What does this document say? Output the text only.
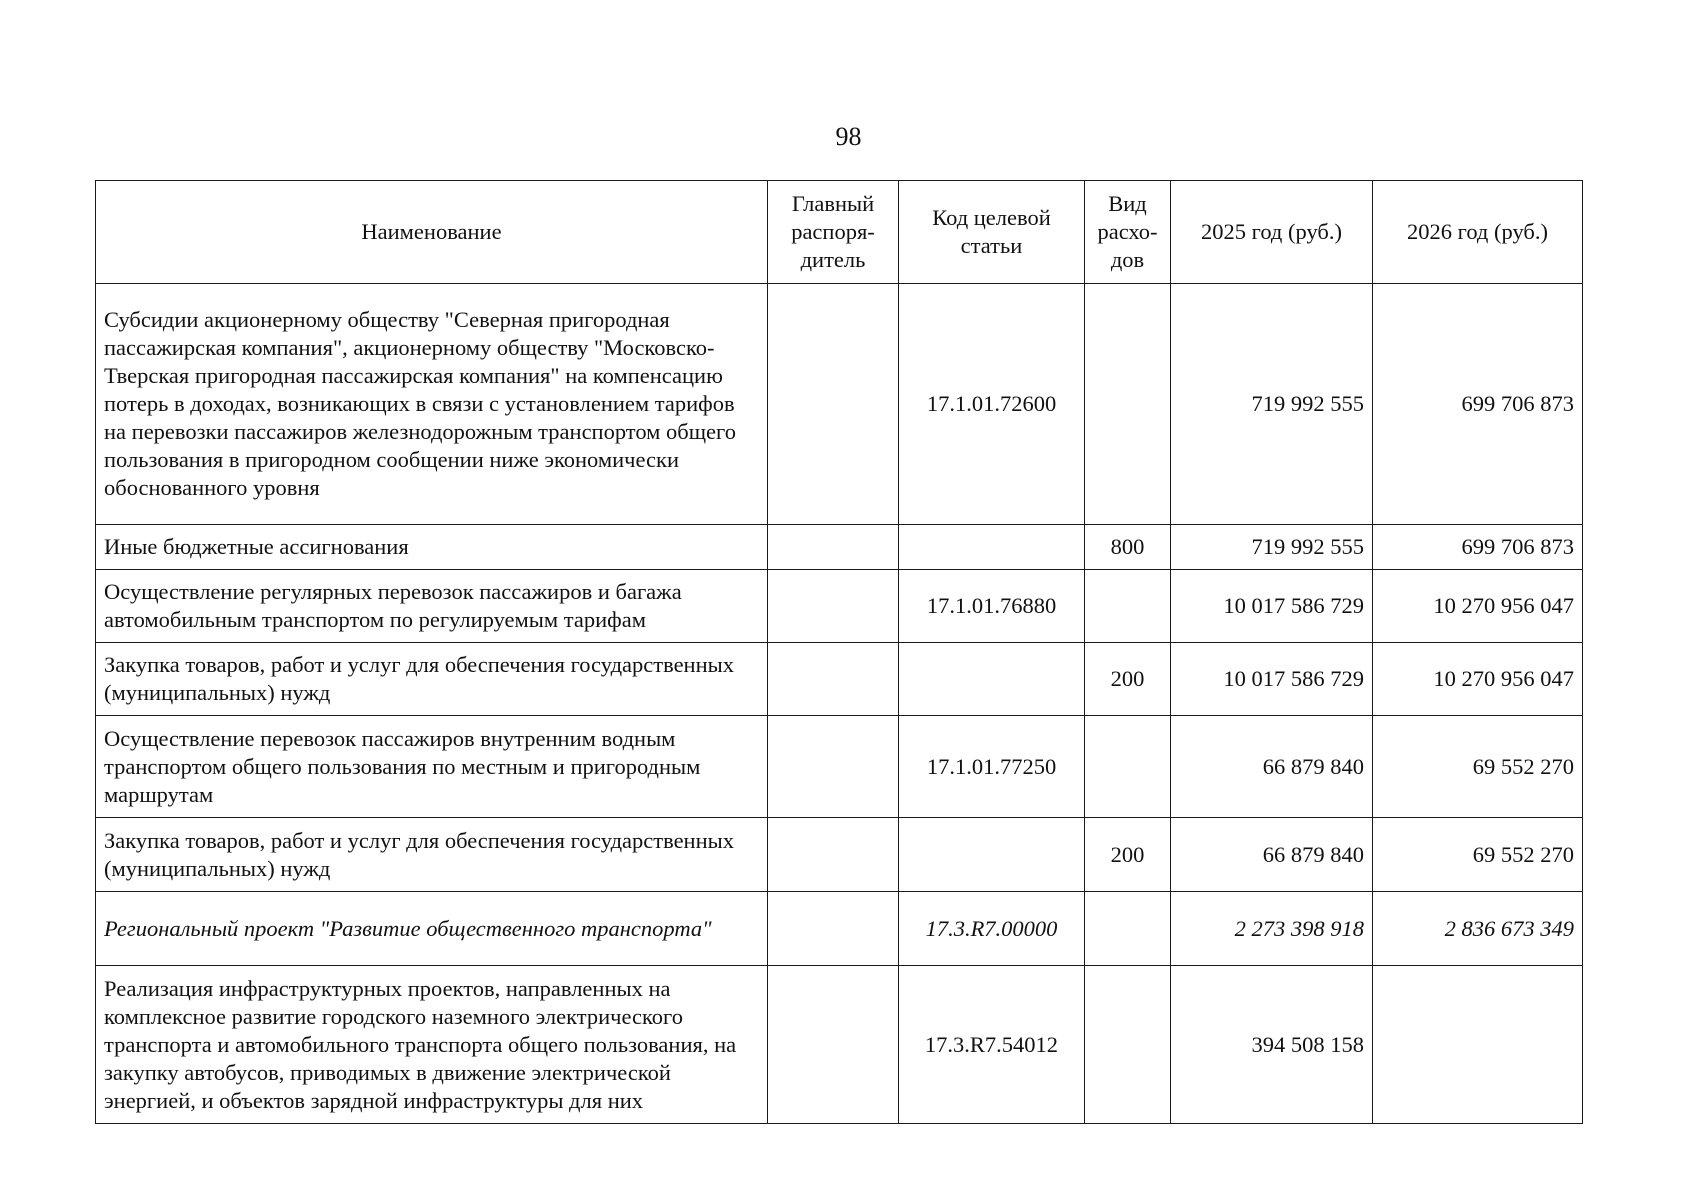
98
Наименование	Главный распоря-дитель	Код целевой статьи	Вид расхо-дов	2025 год (руб.)	2026 год (руб.)
Субсидии акционерному обществу "Северная пригородная пассажирская компания", акционерному обществу "Московско-Тверская пригородная пассажирская компания" на компенсацию потерь в доходах, возникающих в связи с установлением тарифов на перевозки пассажиров железнодорожным транспортом общего пользования в пригородном сообщении ниже экономически обоснованного уровня		17.1.01.72600		719 992 555	699 706 873
Иные бюджетные ассигнования			800	719 992 555	699 706 873
Осуществление регулярных перевозок пассажиров и багажа автомобильным транспортом по регулируемым тарифам		17.1.01.76880		10 017 586 729	10 270 956 047
Закупка товаров, работ и услуг для обеспечения государственных (муниципальных) нужд			200	10 017 586 729	10 270 956 047
Осуществление перевозок пассажиров внутренним водным транспортом общего пользования по местным и пригородным маршрутам		17.1.01.77250		66 879 840	69 552 270
Закупка товаров, работ и услуг для обеспечения государственных (муниципальных) нужд			200	66 879 840	69 552 270
Региональный проект "Развитие общественного транспорта"		17.3.R7.00000		2 273 398 918	2 836 673 349
Реализация инфраструктурных проектов, направленных на комплексное развитие городского наземного электрического транспорта и автомобильного транспорта общего пользования, на закупку автобусов, приводимых в движение электрической энергией, и объектов зарядной инфраструктуры для них		17.3.R7.54012		394 508 158	
